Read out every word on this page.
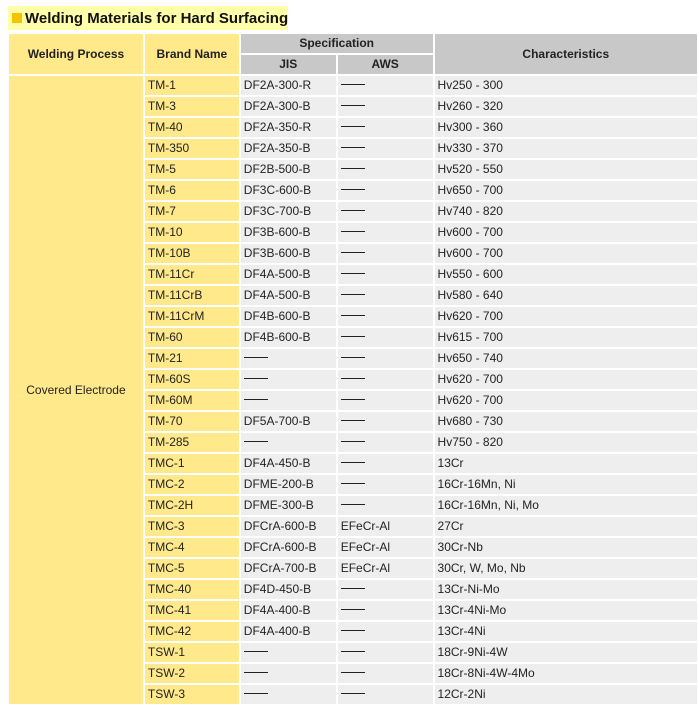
Welding Materials for Hard Surfacing
Welding Process	Brand Name	Specification		Characteristics
		JIS	AWS	
Covered Electrode	TM-1	DF2A-300-R		Hv250 - 300
	TM-3	DF2A-300-B		Hv260 - 320
	TM-40	DF2A-350-R		Hv300 - 360
	TM-350	DF2A-350-B		Hv330 - 370
	TM-5	DF2B-500-B		Hv520 - 550
	TM-6	DF3C-600-B		Hv650 - 700
	TM-7	DF3C-700-B		Hv740 - 820
	TM-10	DF3B-600-B		Hv600 - 700
	TM-10B	DF3B-600-B		Hv600 - 700
	TM-11Cr	DF4A-500-B		Hv550 - 600
	TM-11CrB	DF4A-500-B		Hv580 - 640
	TM-11CrM	DF4B-600-B		Hv620 - 700
	TM-60	DF4B-600-B		Hv615 - 700
	TM-21			Hv650 - 740
	TM-60S			Hv620 - 700
	TM-60M			Hv620 - 700
	TM-70	DF5A-700-B		Hv680 - 730
	TM-285			Hv750 - 820
	TMC-1	DF4A-450-B		13Cr
	TMC-2	DFME-200-B		16Cr-16Mn, Ni
	TMC-2H	DFME-300-B		16Cr-16Mn, Ni, Mo
	TMC-3	DFCrA-600-B	EFeCr-Al	27Cr
	TMC-4	DFCrA-600-B	EFeCr-Al	30Cr-Nb
	TMC-5	DFCrA-700-B	EFeCr-Al	30Cr, W, Mo, Nb
	TMC-40	DF4D-450-B		13Cr-Ni-Mo
	TMC-41	DF4A-400-B		13Cr-4Ni-Mo
	TMC-42	DF4A-400-B		13Cr-4Ni
	TSW-1			18Cr-9Ni-4W
	TSW-2			18Cr-8Ni-4W-4Mo
	TSW-3			12Cr-2Ni
